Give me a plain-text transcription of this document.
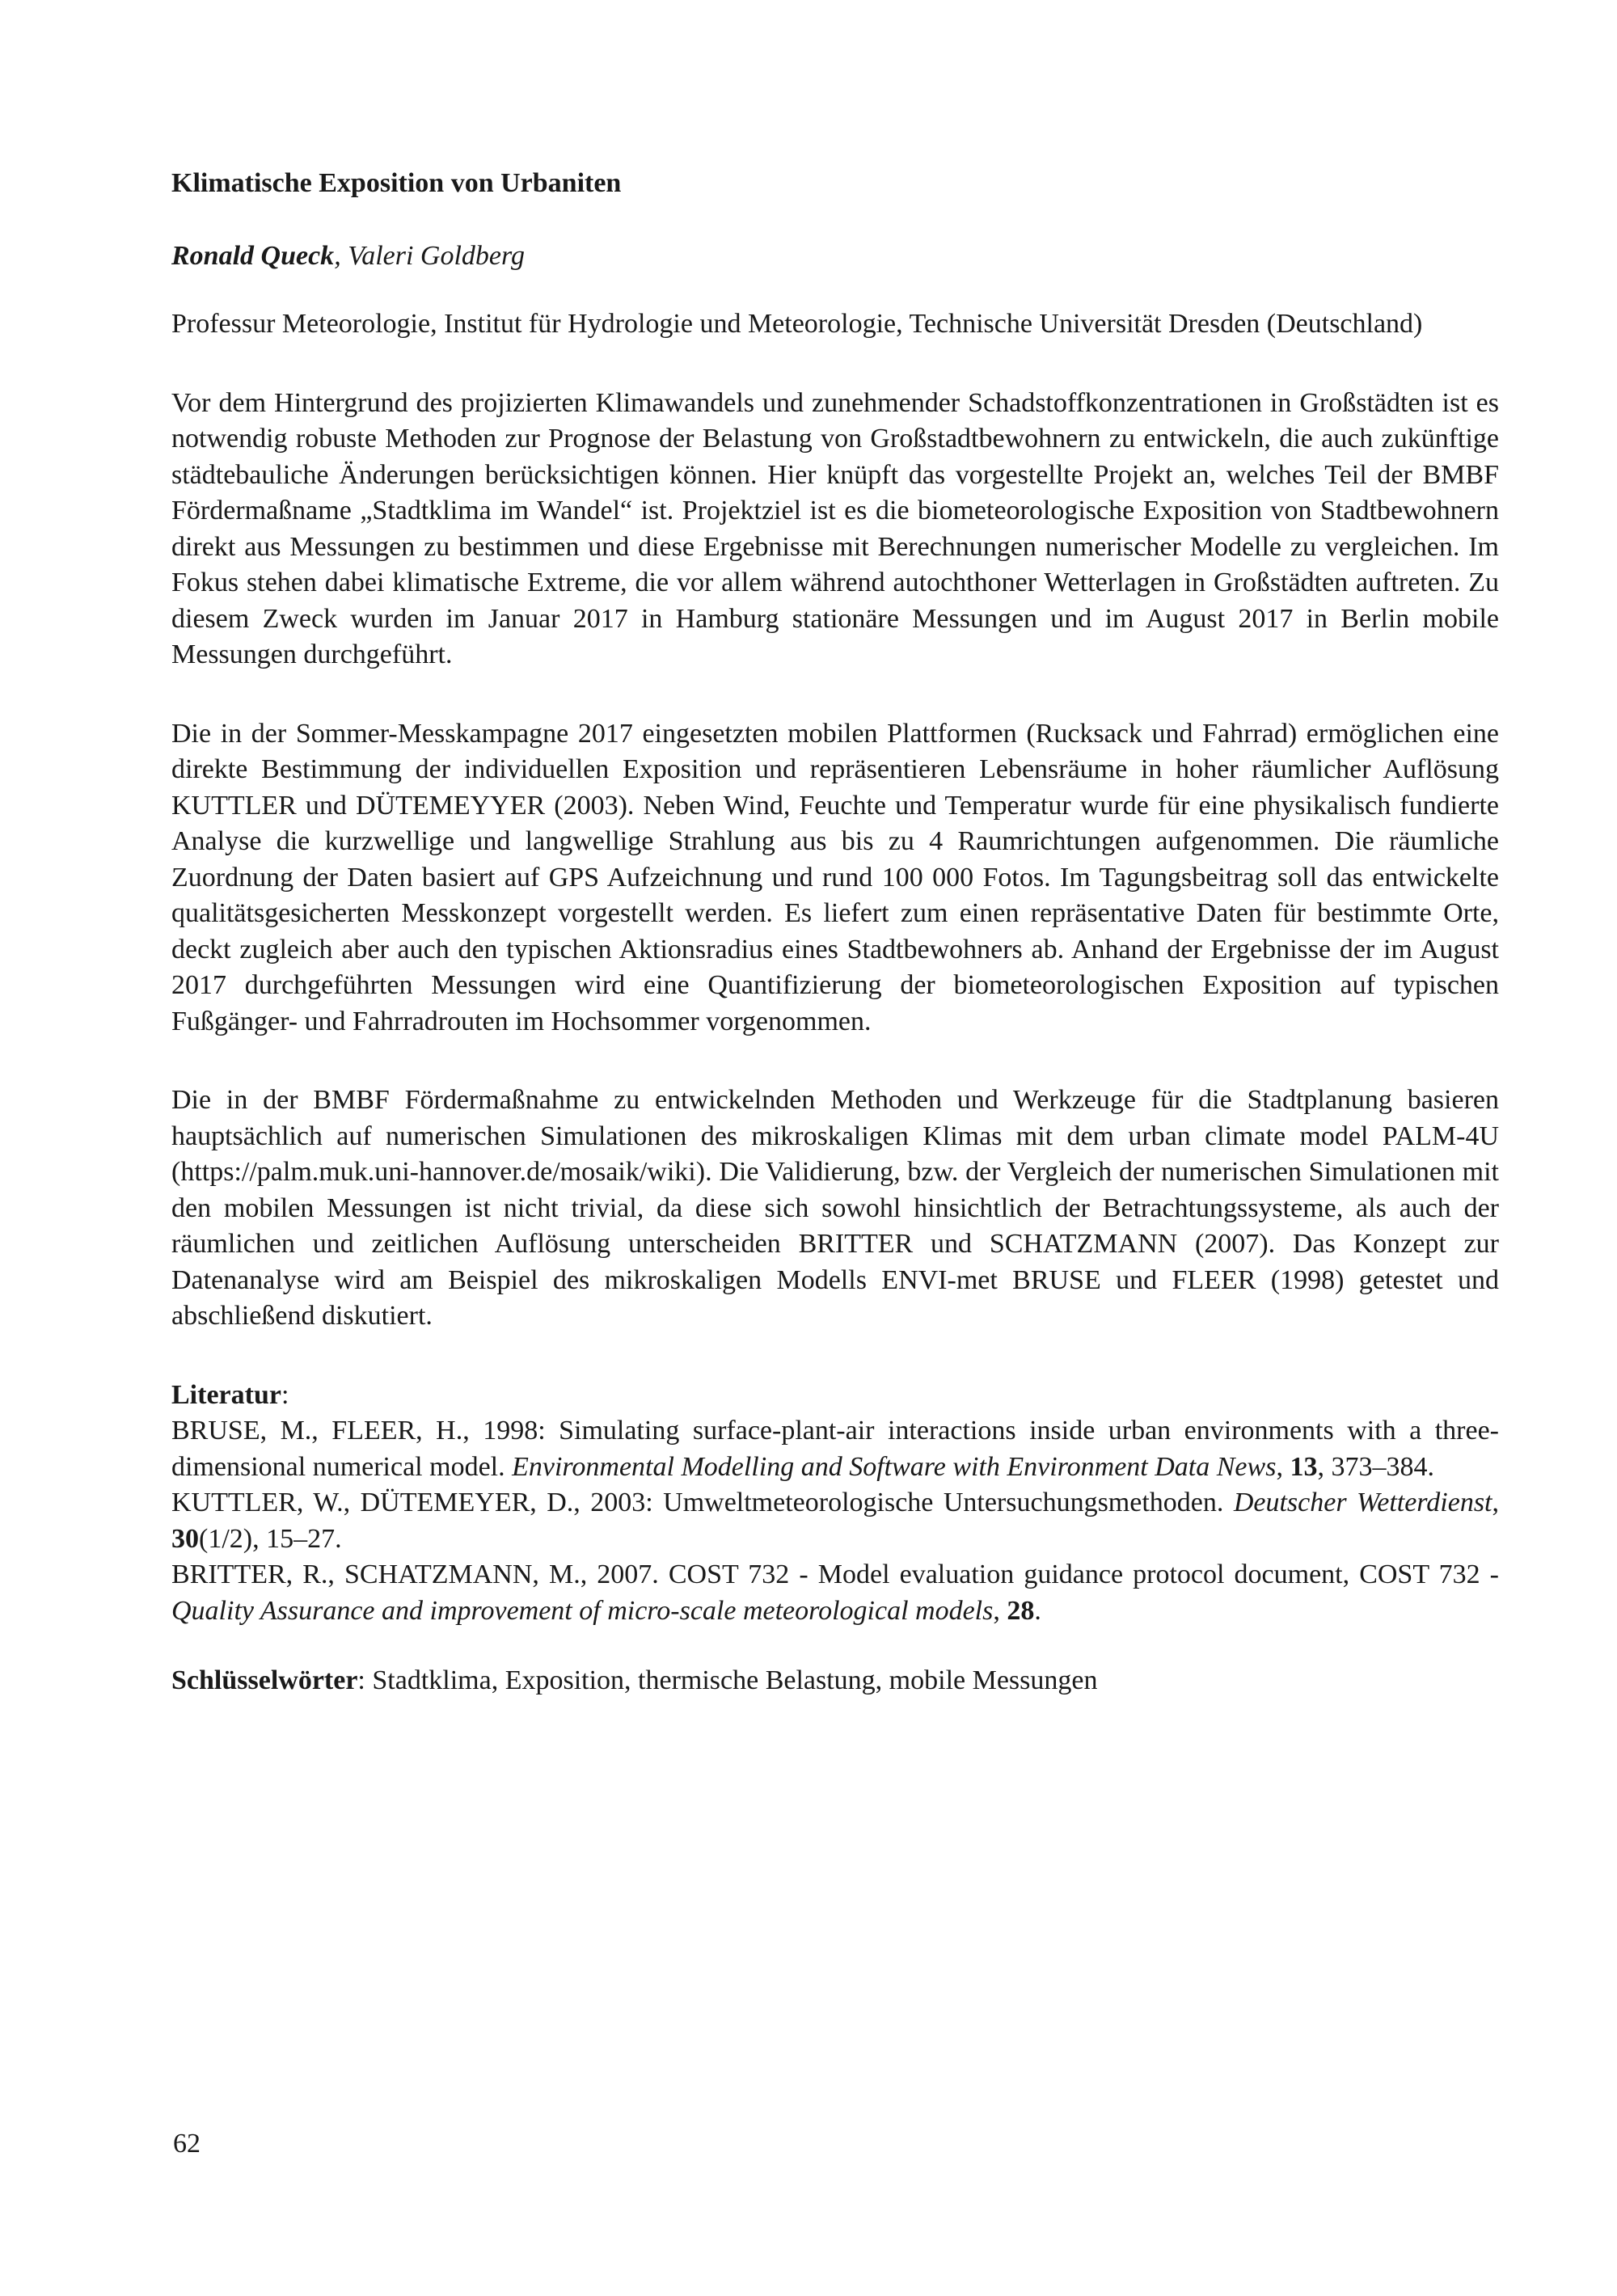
Klimatische Exposition von Urbaniten
Ronald Queck, Valeri Goldberg
Professur Meteorologie, Institut für Hydrologie und Meteorologie, Technische Universität Dresden (Deutschland)
Vor dem Hintergrund des projizierten Klimawandels und zunehmender Schadstoffkonzentrationen in Großstädten ist es notwendig robuste Methoden zur Prognose der Belastung von Großstadtbewohnern zu entwickeln, die auch zukünftige städtebauliche Änderungen berücksichtigen können. Hier knüpft das vorgestellte Projekt an, welches Teil der BMBF Fördermaßname „Stadtklima im Wandel“ ist. Projektziel ist es die biometeorologische Exposition von Stadtbewohnern direkt aus Messungen zu bestimmen und diese Ergebnisse mit Berechnungen numerischer Modelle zu vergleichen. Im Fokus stehen dabei klimatische Extreme, die vor allem während autochthoner Wetterlagen in Großstädten auftreten. Zu diesem Zweck wurden im Januar 2017 in Hamburg stationäre Messungen und im August 2017 in Berlin mobile Messungen durchgeführt.
Die in der Sommer-Messkampagne 2017 eingesetzten mobilen Plattformen (Rucksack und Fahrrad) ermöglichen eine direkte Bestimmung der individuellen Exposition und repräsentieren Lebensräume in hoher räumlicher Auflösung KUTTLER und DÜTEMEYYER (2003). Neben Wind, Feuchte und Temperatur wurde für eine physikalisch fundierte Analyse die kurzwellige und langwellige Strahlung aus bis zu 4 Raumrichtungen aufgenommen. Die räumliche Zuordnung der Daten basiert auf GPS Aufzeichnung und rund 100 000 Fotos. Im Tagungsbeitrag soll das entwickelte qualitätsgesicherten Messkonzept vorgestellt werden. Es liefert zum einen repräsentative Daten für bestimmte Orte, deckt zugleich aber auch den typischen Aktionsradius eines Stadtbewohners ab. Anhand der Ergebnisse der im August 2017 durchgeführten Messungen wird eine Quantifizierung der biometeorologischen Exposition auf typischen Fußgänger- und Fahrradrouten im Hochsommer vorgenommen.
Die in der BMBF Fördermaßnahme zu entwickelnden Methoden und Werkzeuge für die Stadtplanung basieren hauptsächlich auf numerischen Simulationen des mikroskaligen Klimas mit dem urban climate model PALM-4U (https://palm.muk.uni-hannover.de/mosaik/wiki). Die Validierung, bzw. der Vergleich der numerischen Simulationen mit den mobilen Messungen ist nicht trivial, da diese sich sowohl hinsichtlich der Betrachtungssysteme, als auch der räumlichen und zeitlichen Auflösung unterscheiden BRITTER und SCHATZMANN (2007). Das Konzept zur Datenanalyse wird am Beispiel des mikroskaligen Modells ENVI-met BRUSE und FLEER (1998) getestet und abschließend diskutiert.
Literatur:
BRUSE, M., FLEER, H., 1998: Simulating surface-plant-air interactions inside urban environments with a three-dimensional numerical model. Environmental Modelling and Software with Environment Data News, 13, 373–384.
KUTTLER, W., DÜTEMEYER, D., 2003: Umweltmeteorologische Untersuchungsmethoden. Deutscher Wetterdienst, 30(1/2), 15–27.
BRITTER, R., SCHATZMANN, M., 2007. COST 732 - Model evaluation guidance protocol document, COST 732 - Quality Assurance and improvement of micro-scale meteorological models, 28.
Schlüsselwörter: Stadtklima, Exposition, thermische Belastung, mobile Messungen
62
